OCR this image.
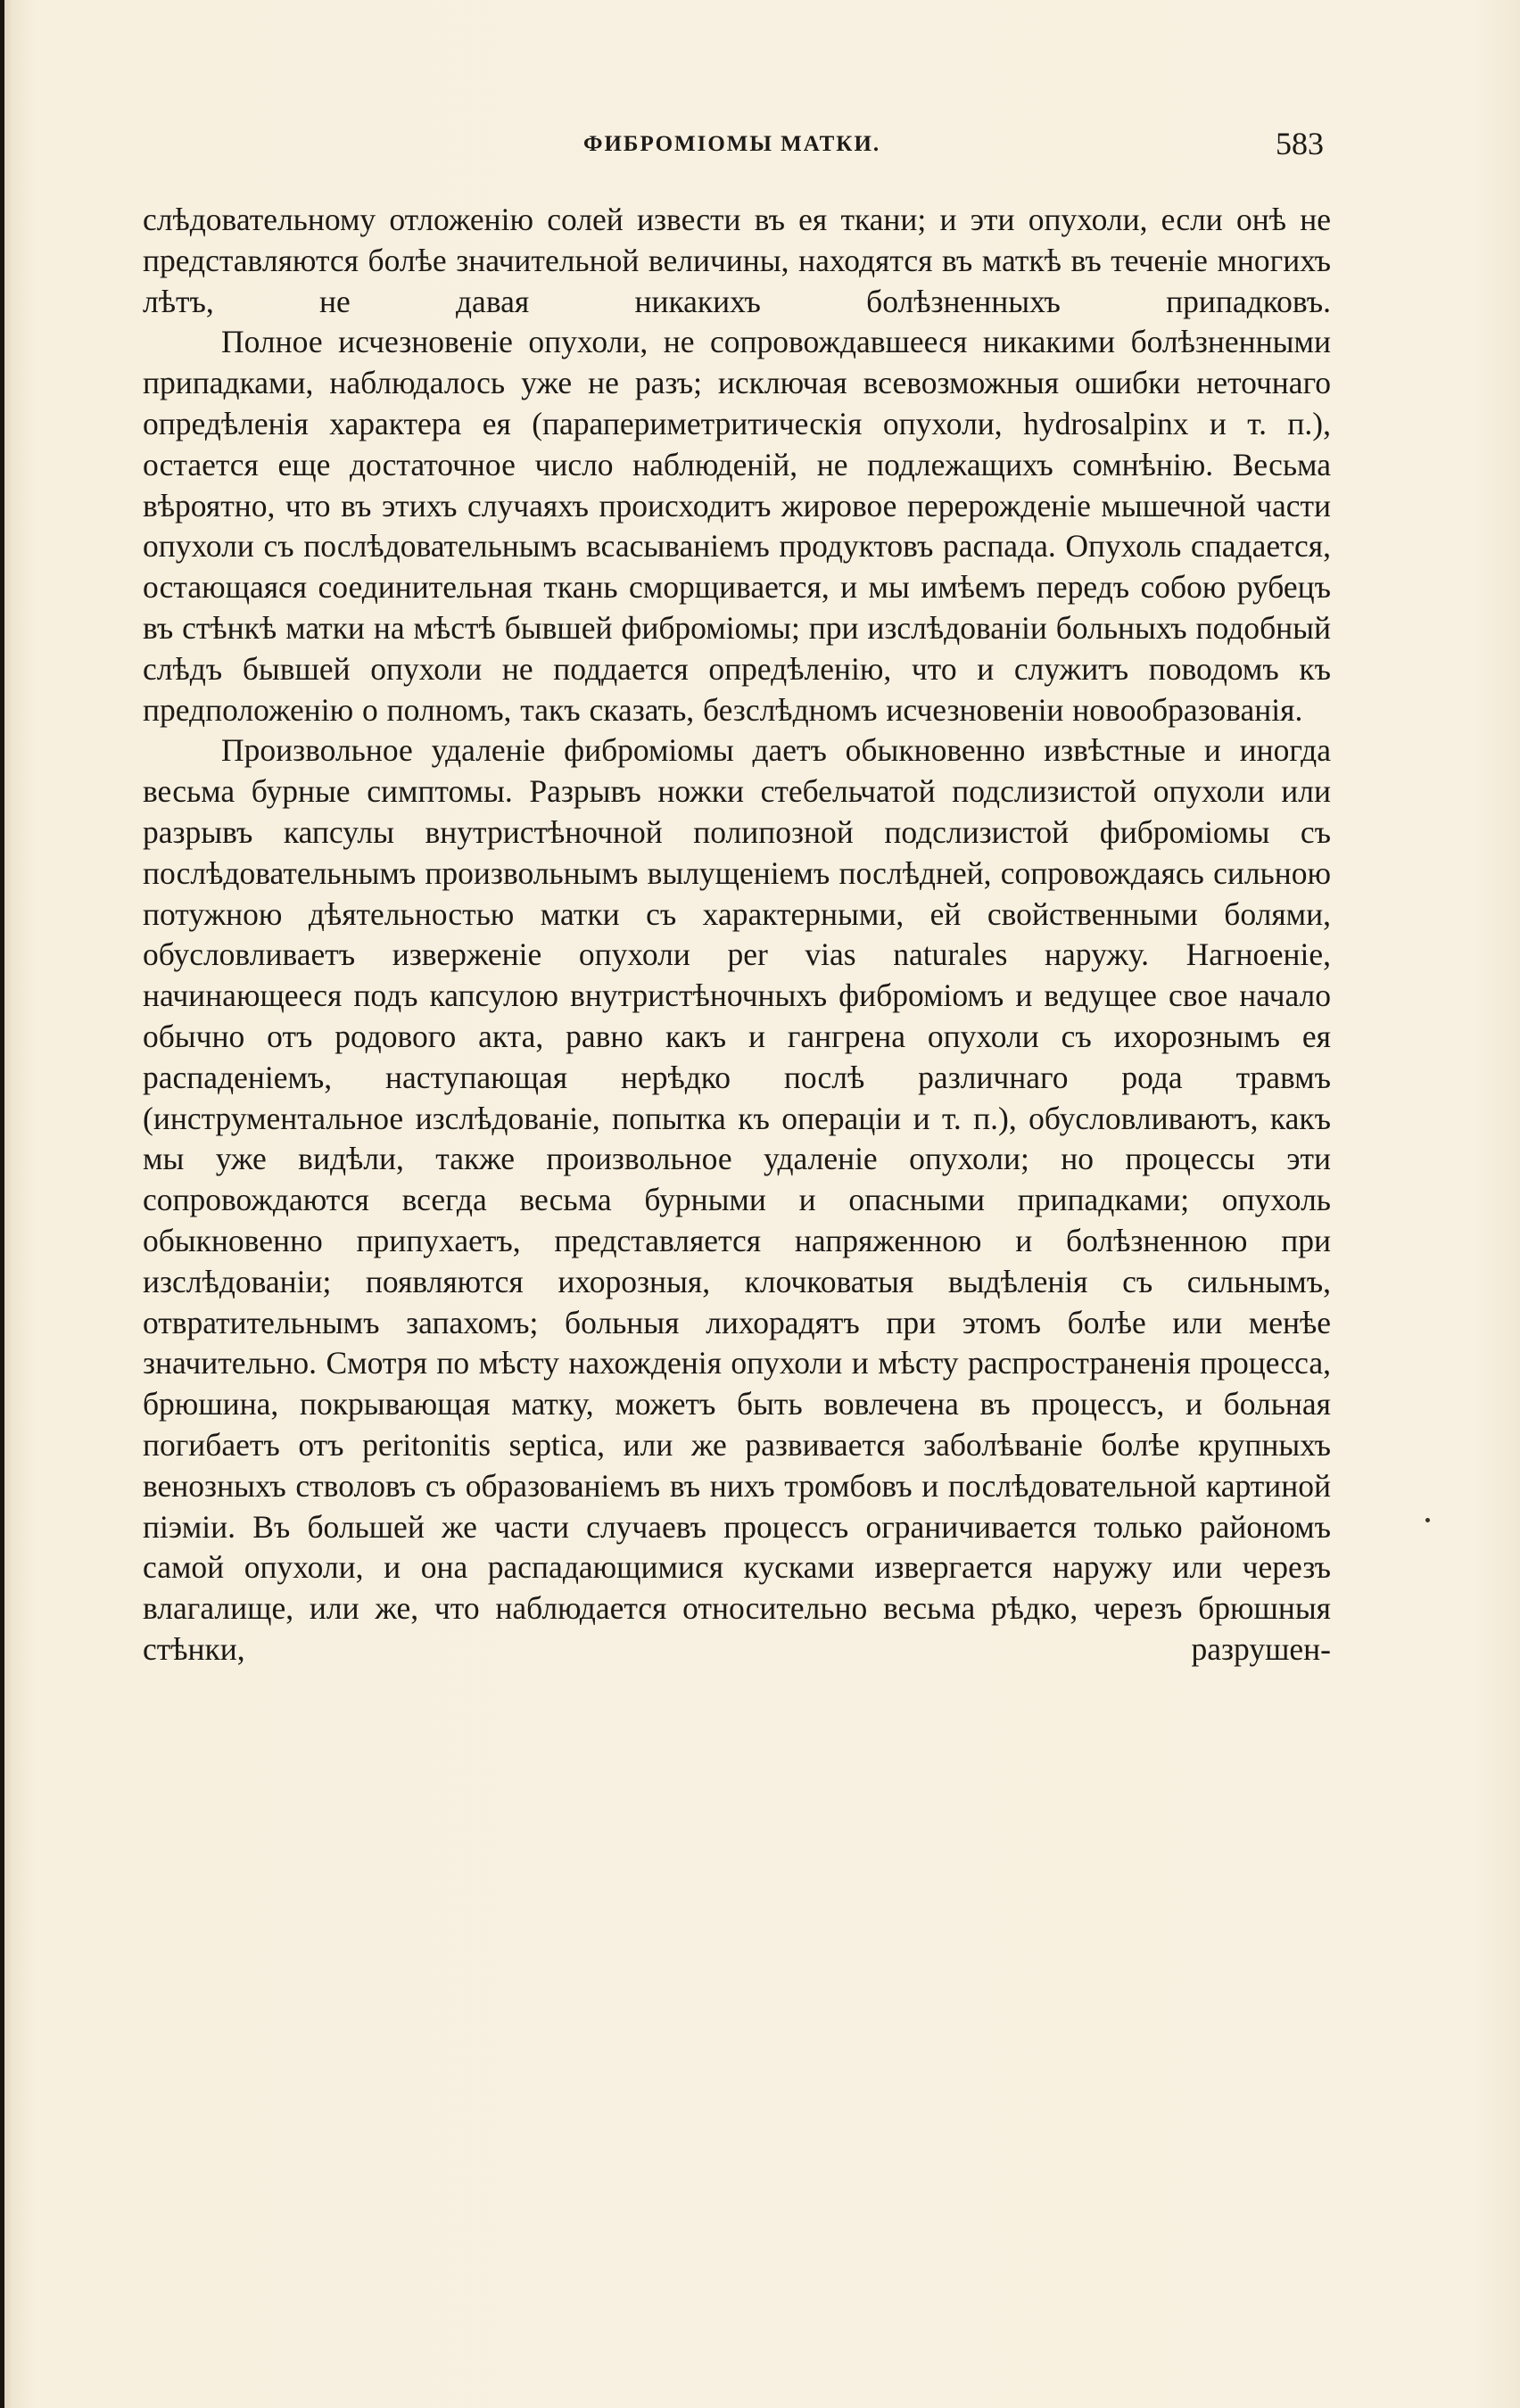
ФИБРОМІОМЫ МАТКИ.	583

слѣдовательному отложенію солей извести въ ея ткани; и эти опухоли, если онѣ не представляются болѣе значительной величины, находятся въ маткѣ въ теченіе многихъ лѣтъ, не давая никакихъ болѣзненныхъ припадковъ.

Полное исчезновеніе опухоли, не сопровождавшееся никакими болѣзненными припадками, наблюдалось уже не разъ; исключая всевозможныя ошибки неточнаго опредѣленія характера ея (парапериметритическія опухоли, hydrosalpinx и т. п.), остается еще достаточное число наблюденій, не подлежащихъ сомнѣнію. Весьма вѣроятно, что въ этихъ случаяхъ происходитъ жировое перерожденіе мышечной части опухоли съ послѣдовательнымъ всасываніемъ продуктовъ распада. Опухоль спадается, остающаяся соединительная ткань сморщивается, и мы имѣемъ передъ собою рубецъ въ стѣнкѣ матки на мѣстѣ бывшей фиброміомы; при изслѣдованіи больныхъ подобный слѣдъ бывшей опухоли не поддается опредѣленію, что и служитъ поводомъ къ предположенію о полномъ, такъ сказать, безслѣдномъ исчезновеніи новообразованія.

Произвольное удаленіе фиброміомы даетъ обыкновенно извѣстные и иногда весьма бурные симптомы. Разрывъ ножки стебельчатой подслизистой опухоли или разрывъ капсулы внутристѣночной полипозной подслизистой фиброміомы съ послѣдовательнымъ произвольнымъ вылущеніемъ послѣдней, сопровождаясь сильною потужною дѣятельностью матки съ характерными, ей свойственными болями, обусловливаетъ изверженіе опухоли per vias naturales наружу. Нагноеніе, начинающееся подъ капсулою внутристѣночныхъ фиброміомъ и ведущее свое начало обычно отъ родового акта, равно какъ и гангрена опухоли съ ихорознымъ ея распаденіемъ, наступающая нерѣдко послѣ различнаго рода травмъ (инструментальное изслѣдованіе, попытка къ операціи и т. п.), обусловливаютъ, какъ мы уже видѣли, также произвольное удаленіе опухоли; но процессы эти сопровождаются всегда весьма бурными и опасными припадками; опухоль обыкновенно припухаетъ, представляется напряженною и болѣзненною при изслѣдованіи; появляются ихорозныя, клочковатыя выдѣленія съ сильнымъ, отвратительнымъ запахомъ; больныя лихорадятъ при этомъ болѣе или менѣе значительно. Смотря по мѣсту нахожденія опухоли и мѣсту распространенія процесса, брюшина, покрывающая матку, можетъ быть вовлечена въ процессъ, и больная погибаетъ отъ peritonitis septica, или же развивается заболѣваніе болѣе крупныхъ венозныхъ стволовъ съ образованіемъ въ нихъ тромбовъ и послѣдовательной картиной піэміи. Въ большей же части случаевъ процессъ ограничивается только райономъ самой опухоли, и она распадающимися кусками извергается наружу или черезъ влагалище, или же, что наблюдается относительно весьма рѣдко, черезъ брюшныя стѣнки, разрушен-
